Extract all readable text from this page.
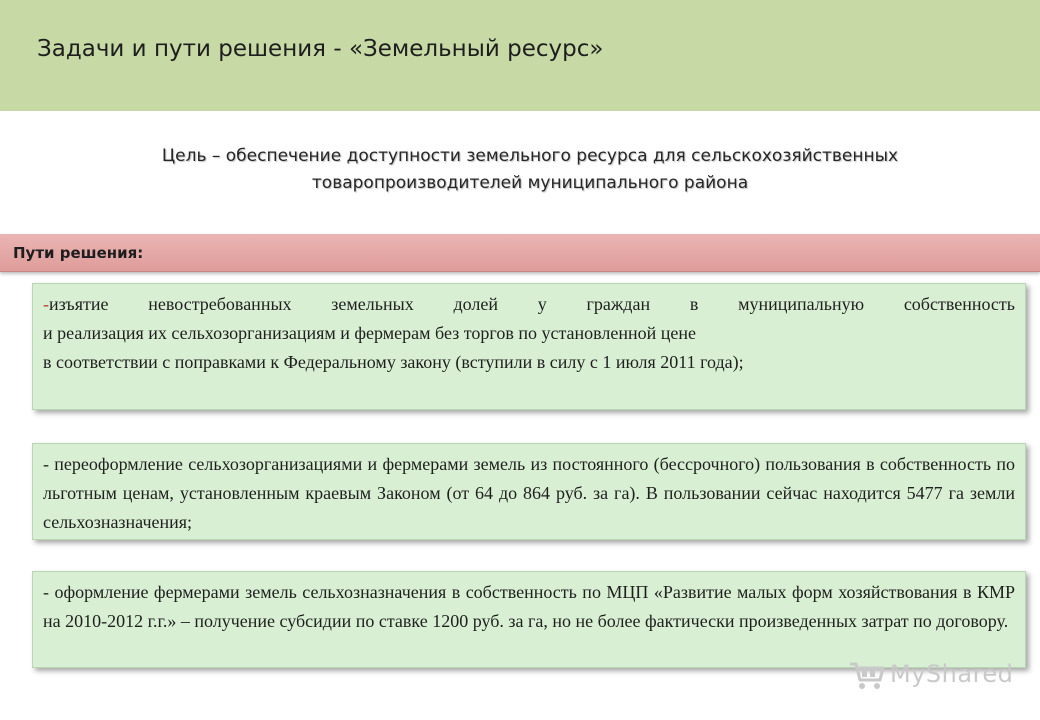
Задачи и пути решения - «Земельный ресурс»
Цель – обеспечение доступности земельного ресурса для сельскохозяйственных
товаропроизводителей муниципального района
Пути решения:

-изъятие невостребованных земельных долей у граждан в муниципальную собственность

и реализация их сельхозорганизациям и фермерам без торгов по установленной цене

в соответствии с поправками к Федеральному закону (вступили в силу с 1 июля 2011 года);

- переоформление сельхозорганизациями и фермерами земель из постоянного (бессрочного) пользования в собственность по льготным ценам, установленным краевым Законом (от 64 до 864 руб. за га). В пользовании сейчас находится 5477 га земли сельхозназначения;
- оформление фермерами земель сельхозназначения в собственность по МЦП «Развитие малых форм хозяйствования в КМР на 2010-2012 г.г.» – получение субсидии по ставке 1200 руб. за га, но не более фактически произведенных затрат по договору.
MyShared
